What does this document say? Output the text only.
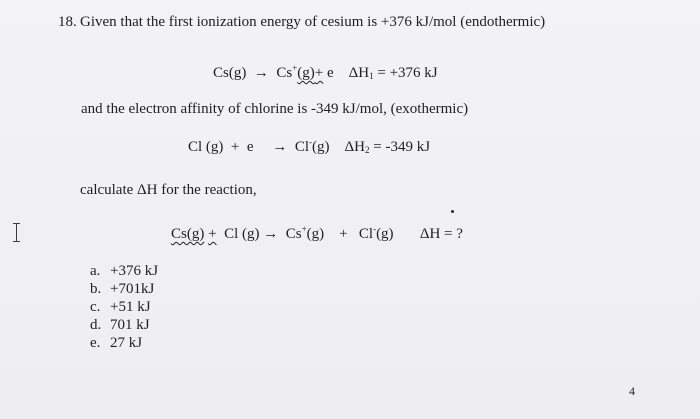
18. Given that the first ionization energy of cesium is +376 kJ/mol (endothermic)
Cs(g) → Cs+(g)+ e $\Delta H_1 = +376$ kJ
and the electron affinity of chlorine is -349 kJ/mol, (exothermic)
Cl (g) + e → Cl-(g) $\Delta H_2 = -349$ kJ
calculate ΔH for the reaction,
Cs(g) + Cl (g) → Cs+(g) + Cl-(g) ΔH = ?
a. +376 kJ
b. +701kJ
c. +51 kJ
d. 701 kJ
e. 27 kJ
4
